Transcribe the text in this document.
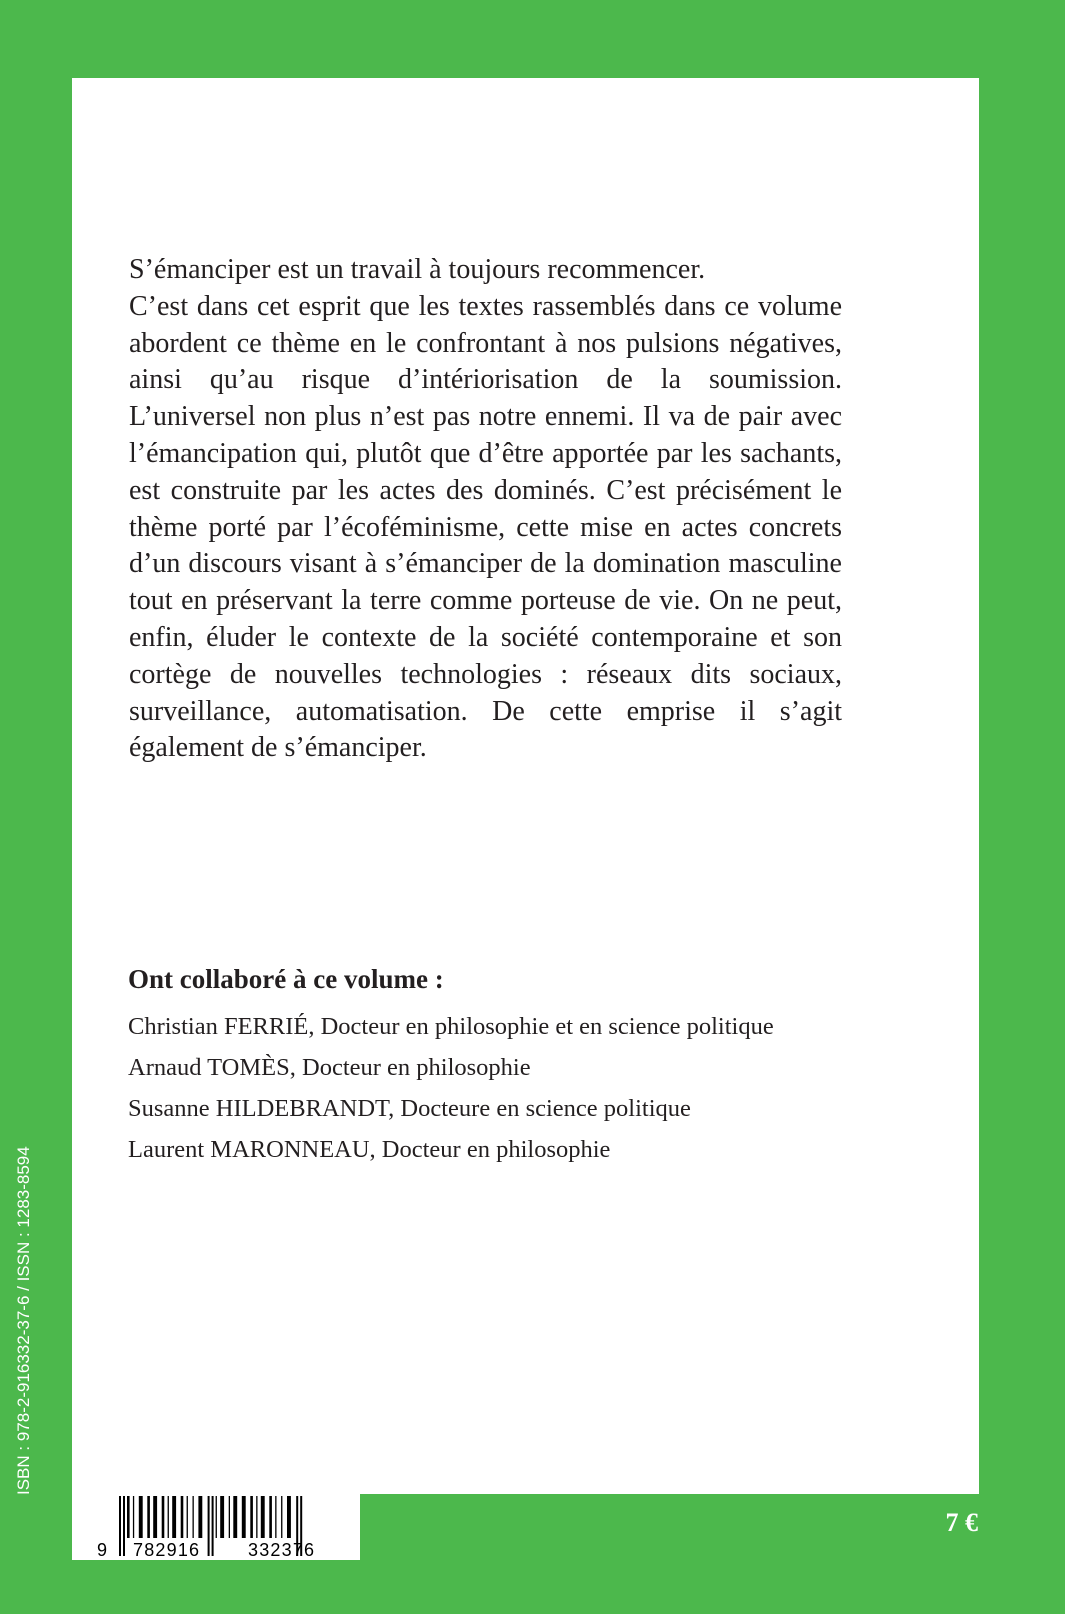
S’émanciper est un travail à toujours recommencer.

C’est dans cet esprit que les textes rassemblés dans ce volume abordent ce thème en le confrontant à nos pulsions négatives, ainsi qu’au risque d’intériorisation de la soumission. L’universel non plus n’est pas notre ennemi. Il va de pair avec l’émancipation qui, plutôt que d’être apportée par les sachants, est construite par les actes des dominés. C’est précisément le thème porté par l’écoféminisme, cette mise en actes concrets d’un discours visant à s’émanciper de la domination masculine tout en préservant la terre comme porteuse de vie. On ne peut, enfin, éluder le contexte de la société contemporaine et son cortège de nouvelles technologies : réseaux dits sociaux, surveillance, automatisation. De cette emprise il s’agit également de s’émanciper.

Ont collaboré à ce volume :

Christian FERRIÉ, Docteur en philosophie et en science politique

Arnaud TOMÈS, Docteur en philosophie

Susanne HILDEBRANDT, Docteure en science politique

Laurent MARONNEAU, Docteur en philosophie

ISBN : 978-2-916332-37-6 / ISSN : 1283-8594
9 782916	332376
7 €
